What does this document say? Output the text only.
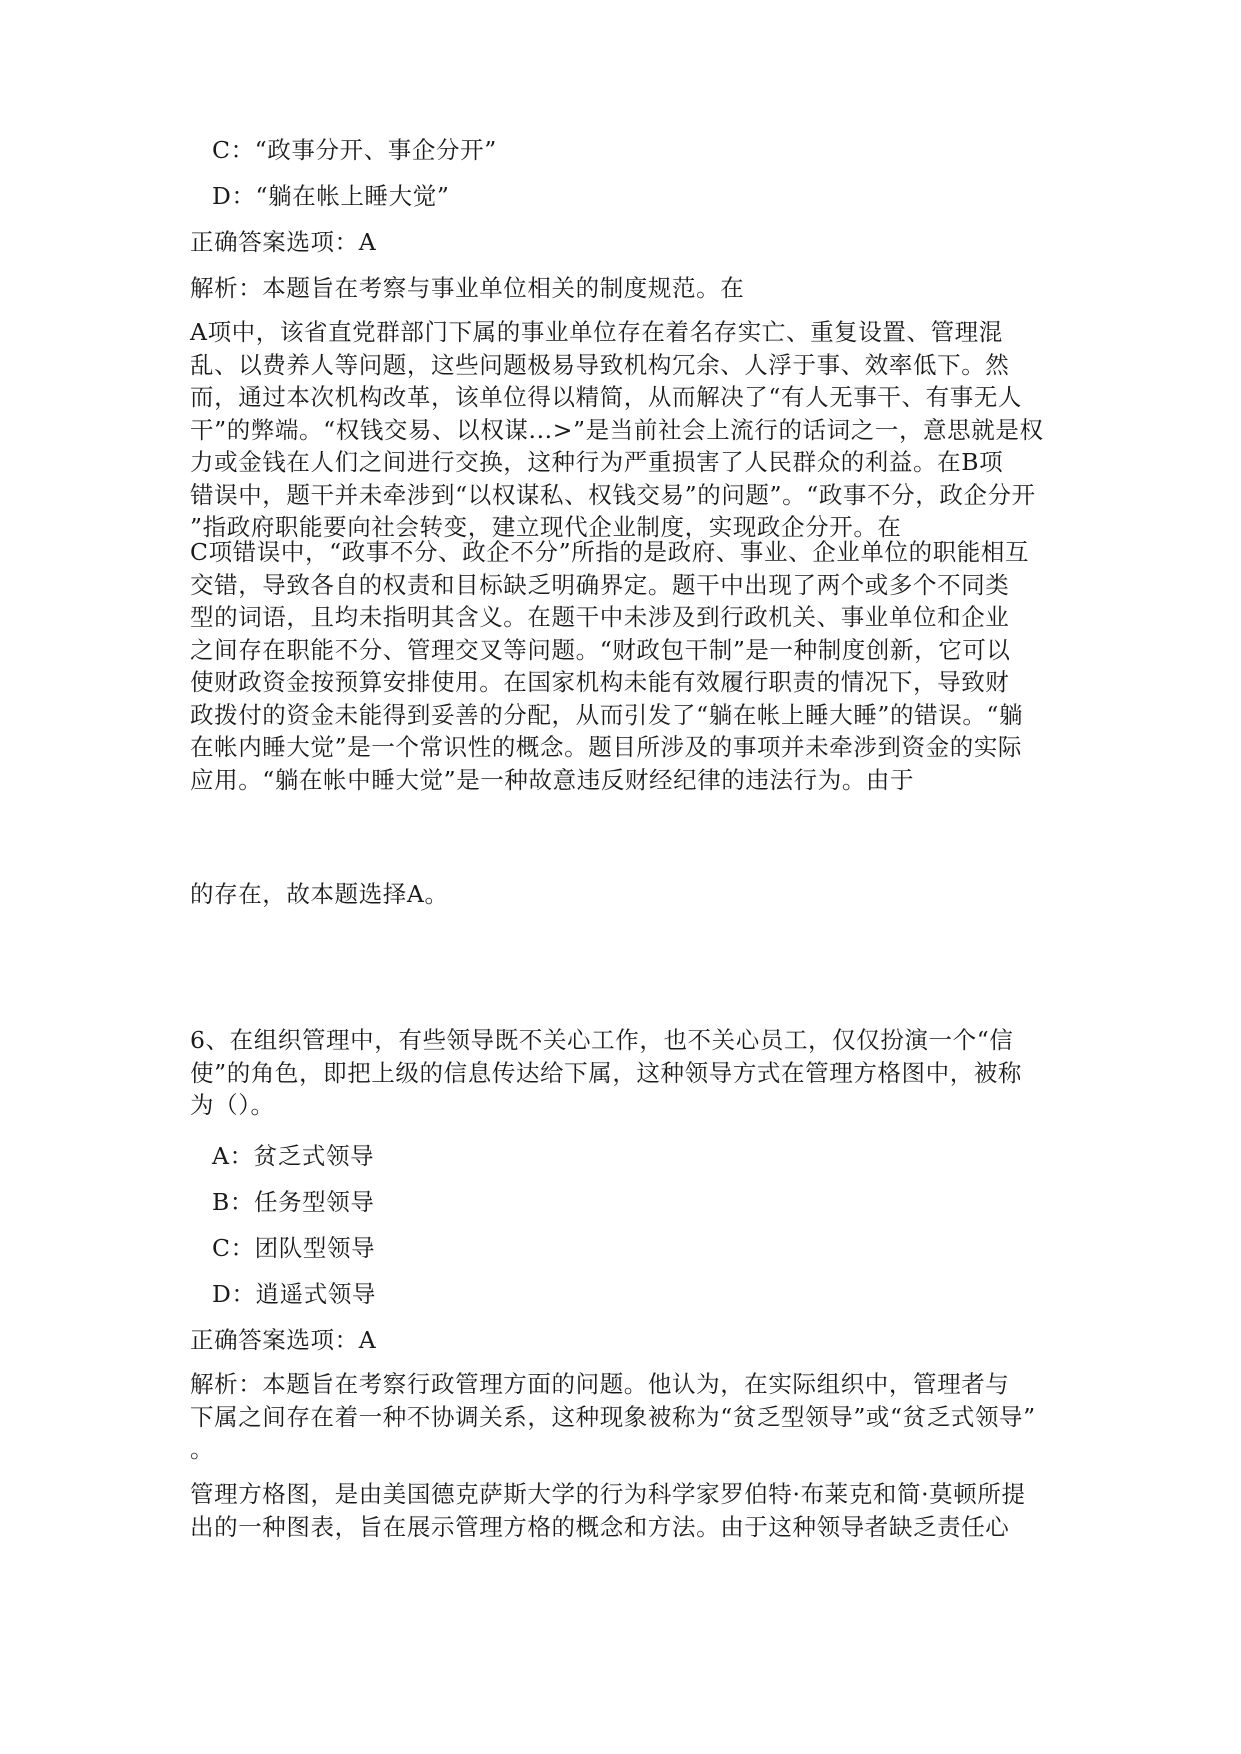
C：“政事分开、事企分开”
D：“躺在帐上睡大觉”
正确答案选项：A
解析：本题旨在考察与事业单位相关的制度规范。在
A项中，该省直党群部门下属的事业单位存在着名存实亡、重复设置、管理混
乱、以费养人等问题，这些问题极易导致机构冗余、人浮于事、效率低下。然
而，通过本次机构改革，该单位得以精简，从而解决了“有人无事干、有事无人
干”的弊端。“权钱交易、以权谋...>”是当前社会上流行的话词之一，意思就是权
力或金钱在人们之间进行交换，这种行为严重损害了人民群众的利益。在B项
错误中，题干并未牵涉到“以权谋私、权钱交易”的问题”。“政事不分，政企分开
”指政府职能要向社会转变，建立现代企业制度，实现政企分开。在
C项错误中，“政事不分、政企不分”所指的是政府、事业、企业单位的职能相互
交错，导致各自的权责和目标缺乏明确界定。题干中出现了两个或多个不同类
型的词语，且均未指明其含义。在题干中未涉及到行政机关、事业单位和企业
之间存在职能不分、管理交叉等问题。“财政包干制”是一种制度创新，它可以
使财政资金按预算安排使用。在国家机构未能有效履行职责的情况下，导致财
政拨付的资金未能得到妥善的分配，从而引发了“躺在帐上睡大睡”的错误。“躺
在帐内睡大觉”是一个常识性的概念。题目所涉及的事项并未牵涉到资金的实际
应用。“躺在帐中睡大觉”是一种故意违反财经纪律的违法行为。由于
的存在，故本题选择A。
6、在组织管理中，有些领导既不关心工作，也不关心员工，仅仅扮演一个“信
使”的角色，即把上级的信息传达给下属，这种领导方式在管理方格图中，被称
为（）。
A：贫乏式领导
B：任务型领导
C：团队型领导
D：逍遥式领导
正确答案选项：A
解析：本题旨在考察行政管理方面的问题。他认为，在实际组织中，管理者与
下属之间存在着一种不协调关系，这种现象被称为“贫乏型领导”或“贫乏式领导”
。
管理方格图，是由美国德克萨斯大学的行为科学家罗伯特·布莱克和简·莫顿所提
出的一种图表，旨在展示管理方格的概念和方法。由于这种领导者缺乏责任心
